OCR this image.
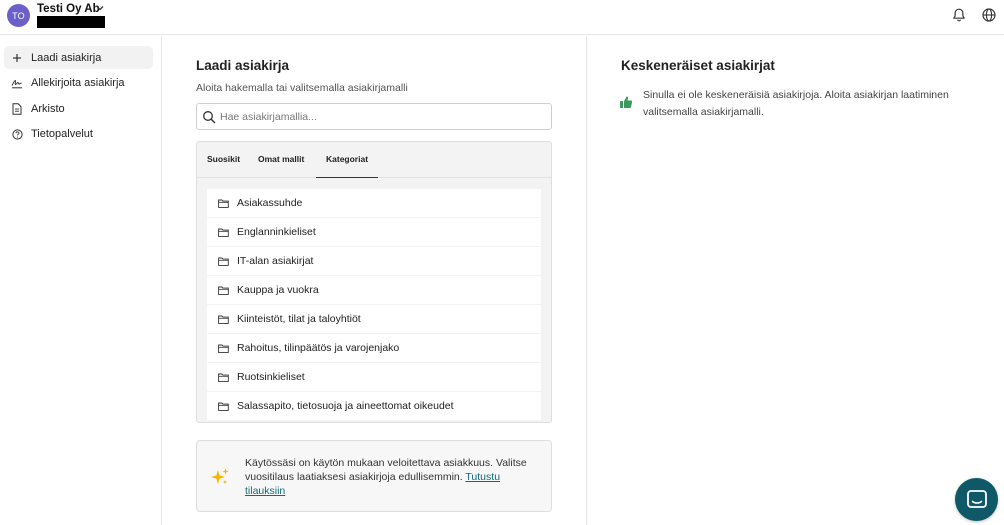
TO
Testi Oy Ab
Laadi asiakirja
Allekirjoita asiakirja
Arkisto
Tietopalvelut
Laadi asiakirja
Aloita hakemalla tai valitsemalla asiakirjamalli
Hae asiakirjamallia...
Suosikit Omat mallit	Kategoriat
Asiakassuhde
Englanninkieliset
IT-alan asiakirjat
Kauppa ja vuokra
Kiinteistöt, tilat ja taloyhtiöt
Rahoitus, tilinpäätös ja varojenjako
Ruotsinkieliset
Salassapito, tietosuoja ja aineettomat oikeudet
Käytössäsi on käytön mukaan veloitettava asiakkuus. Valitse vuositilaus laatiaksesi asiakirjoja edullisemmin. Tutustu tilauksiin
Keskeneräiset asiakirjat
Sinulla ei ole keskeneräisiä asiakirjoja. Aloita asiakirjan laatiminen valitsemalla asiakirjamalli.
